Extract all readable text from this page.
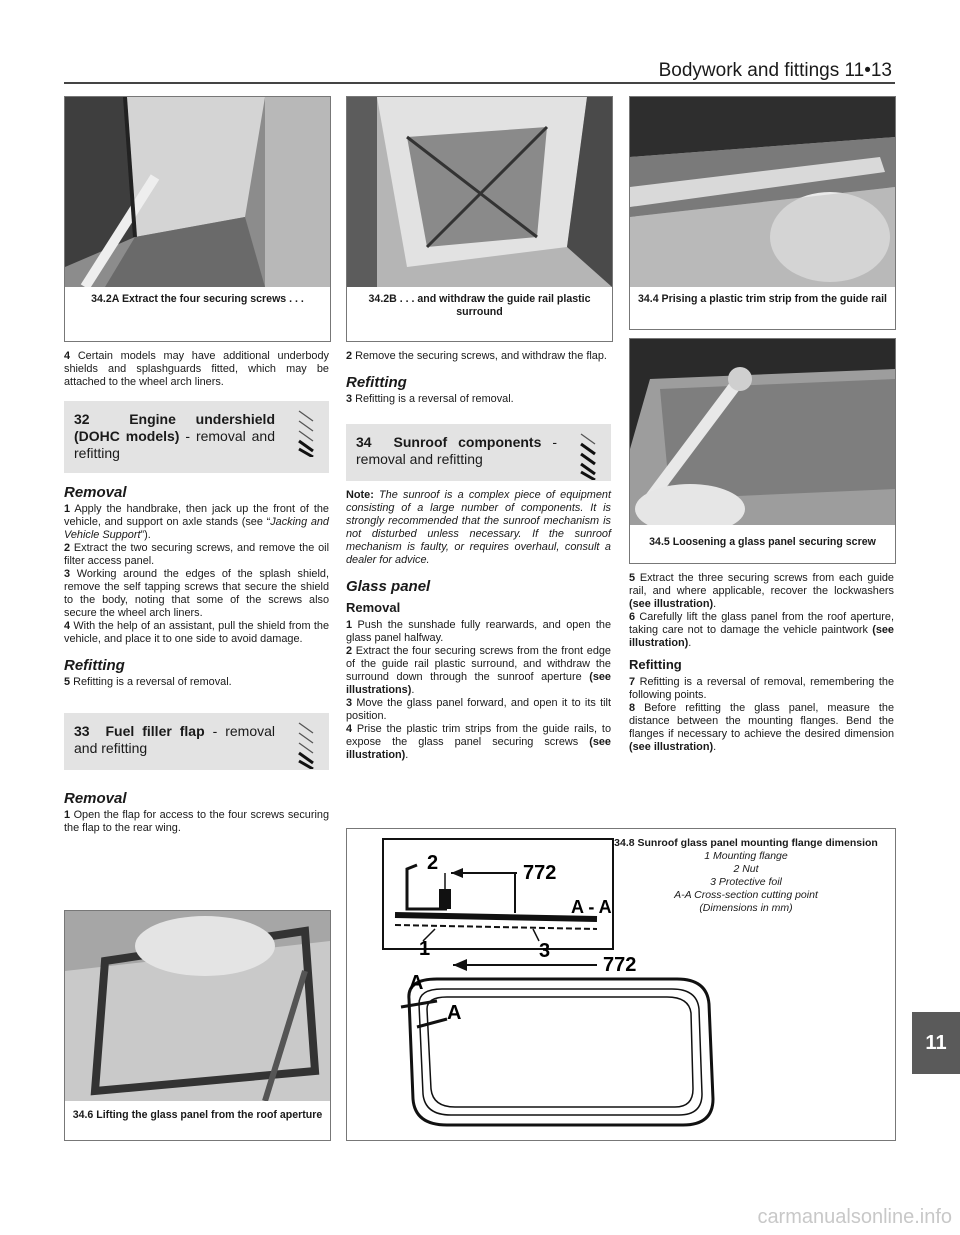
Bodywork and fittings 11•13
34.2A Extract the four securing screws . . .	34.2B . . . and withdraw the guide rail plastic surround
34.4 Prising a plastic trim strip from the guide rail
34.5 Loosening a glass panel securing screw
34.6 Lifting the glass panel from the roof aperture

4 Certain models may have additional underbody shields and splashguards fitted, which may be attached to the wheel arch liners.

32	Engine undershield (DOHC models) - removal and refitting
Removal

1 Apply the handbrake, then jack up the front of the vehicle, and support on axle stands (see “Jacking and Vehicle Support”).

2 Extract the two securing screws, and remove the oil filter access panel.

3 Working around the edges of the splash shield, remove the self tapping screws that secure the shield to the body, noting that some of the screws also secure the wheel arch liners.

4 With the help of an assistant, pull the shield from the vehicle, and place it to one side to avoid damage.

Refitting

5 Refitting is a reversal of removal.

33 Fuel filler flap - removal and refitting
Removal

1 Open the flap for access to the four screws securing the flap to the rear wing.

2 Remove the securing screws, and withdraw the flap.

Refitting

3 Refitting is a reversal of removal.

34 Sunroof components - removal and refitting

Note: The sunroof is a complex piece of equipment consisting of a large number of components. It is strongly recommended that the sunroof mechanism is not disturbed unless necessary. If the sunroof mechanism is faulty, or requires overhaul, consult a dealer for advice.

Glass panel
Removal

1 Push the sunshade fully rearwards, and open the glass panel halfway.

2 Extract the four securing screws from the front edge of the guide rail plastic surround, and withdraw the surround down through the sunroof aperture (see illustrations).

3 Move the glass panel forward, and open it to its tilt position.

4 Prise the plastic trim strips from the guide rails, to expose the glass panel securing screws (see illustration).

5 Extract the three securing screws from each guide rail, and where applicable, recover the lockwashers (see illustration).

6 Carefully lift the glass panel from the roof aperture, taking care not to damage the vehicle paintwork (see illustration).

Refitting

7 Refitting is a reversal of removal, remembering the following points.

8 Before refitting the glass panel, measure the distance between the mounting flanges. Bend the flanges if necessary to achieve the desired dimension (see illustration).

2	772
A - A
1	3
A
A
772
34.8 Sunroof glass panel mounting flange dimension
1 Mounting flange
2 Nut
3 Protective foil
A-A Cross-section cutting point
(Dimensions in mm)
11
carmanualsonline.info
